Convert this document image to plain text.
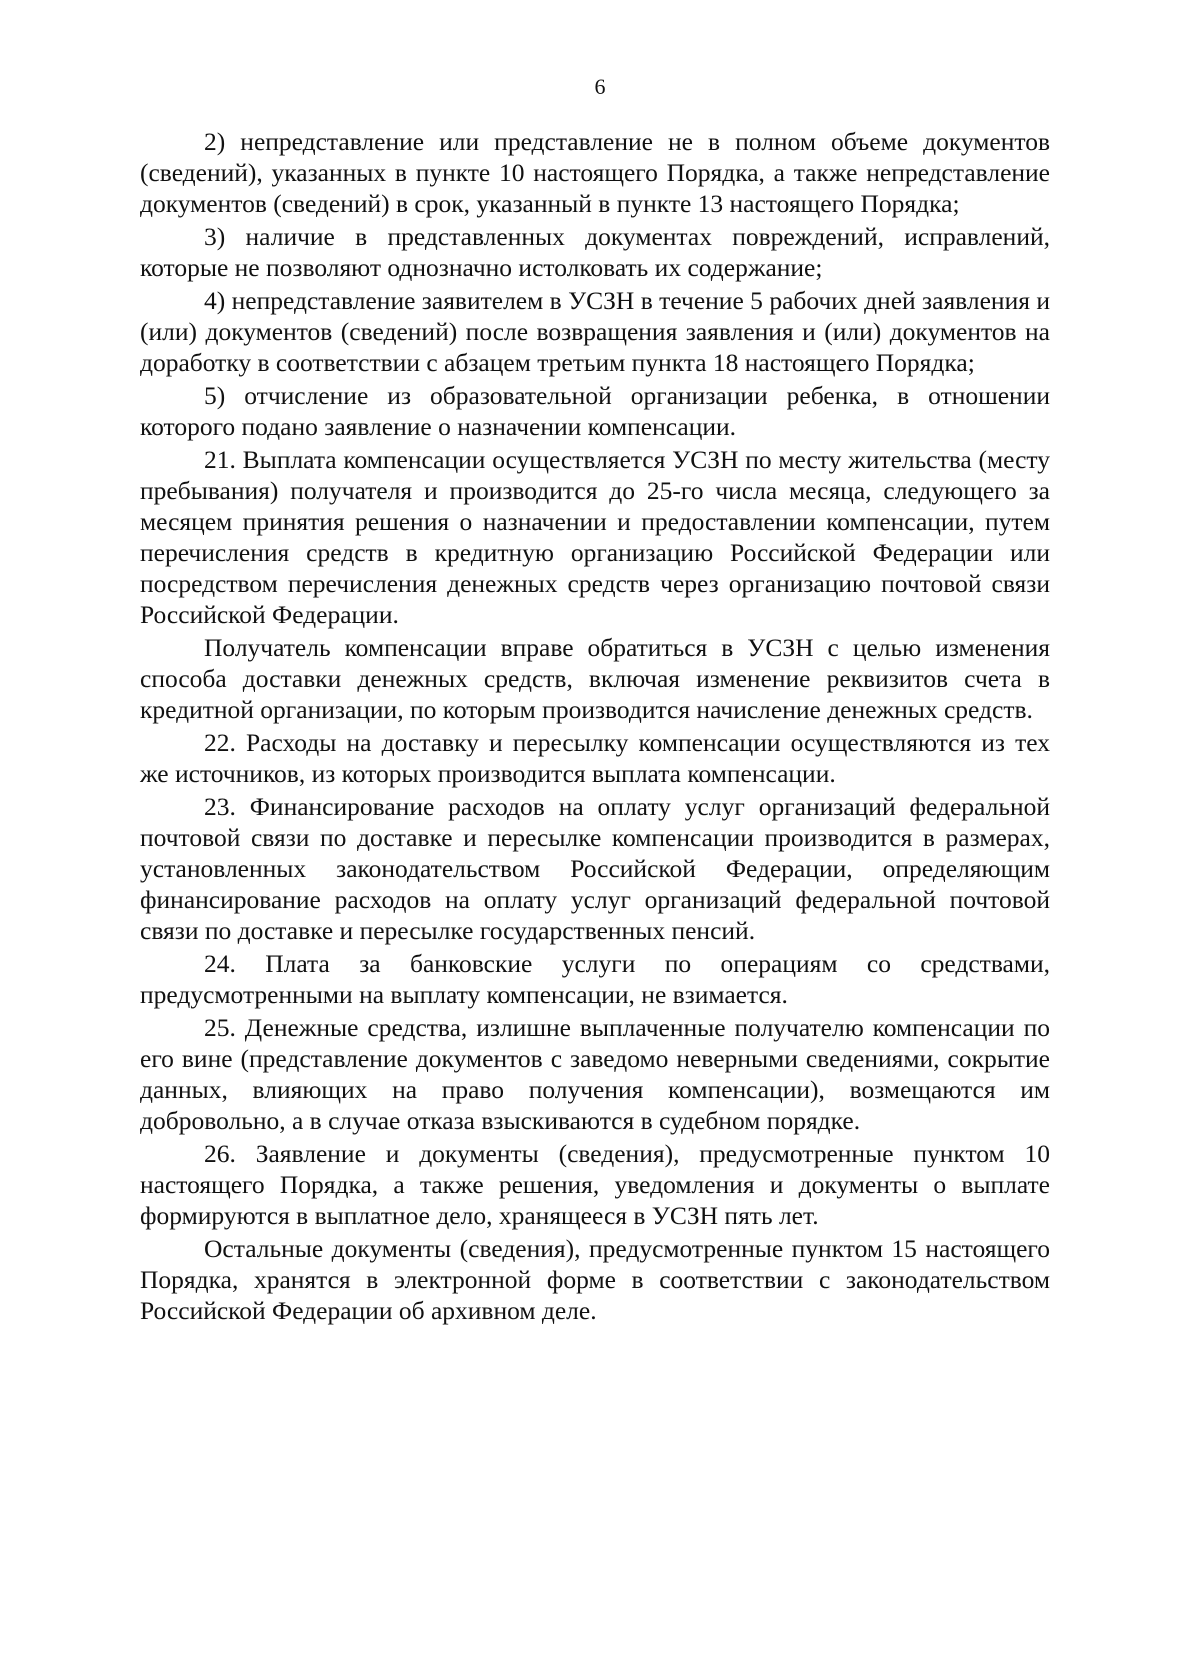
6

2) непредставление или представление не в полном объеме документов (сведений), указанных в пункте 10 настоящего Порядка, а также непредставление документов (сведений) в срок, указанный в пункте 13 настоящего Порядка;

3) наличие в представленных документах повреждений, исправлений, которые не позволяют однозначно истолковать их содержание;

4) непредставление заявителем в УСЗН в течение 5 рабочих дней заявления и (или) документов (сведений) после возвращения заявления и (или) документов на доработку в соответствии с абзацем третьим пункта 18 настоящего Порядка;

5) отчисление из образовательной организации ребенка, в отношении которого подано заявление о назначении компенсации.

21. Выплата компенсации осуществляется УСЗН по месту жительства (месту пребывания) получателя и производится до 25-го числа месяца, следующего за месяцем принятия решения о назначении и предоставлении компенсации, путем перечисления средств в кредитную организацию Российской Федерации или посредством перечисления денежных средств через организацию почтовой связи Российской Федерации.

Получатель компенсации вправе обратиться в УСЗН с целью изменения способа доставки денежных средств, включая изменение реквизитов счета в кредитной организации, по которым производится начисление денежных средств.

22. Расходы на доставку и пересылку компенсации осуществляются из тех же источников, из которых производится выплата компенсации.

23. Финансирование расходов на оплату услуг организаций федеральной почтовой связи по доставке и пересылке компенсации производится в размерах, установленных законодательством Российской Федерации, определяющим финансирование расходов на оплату услуг организаций федеральной почтовой связи по доставке и пересылке государственных пенсий.

24. Плата за банковские услуги по операциям со средствами, предусмотренными на выплату компенсации, не взимается.

25. Денежные средства, излишне выплаченные получателю компенсации по его вине (представление документов с заведомо неверными сведениями, сокрытие данных, влияющих на право получения компенсации), возмещаются им добровольно, а в случае отказа взыскиваются в судебном порядке.

26. Заявление и документы (сведения), предусмотренные пунктом 10 настоящего Порядка, а также решения, уведомления и документы о выплате формируются в выплатное дело, хранящееся в УСЗН пять лет.

Остальные документы (сведения), предусмотренные пунктом 15 настоящего Порядка, хранятся в электронной форме в соответствии с законодательством Российской Федерации об архивном деле.
